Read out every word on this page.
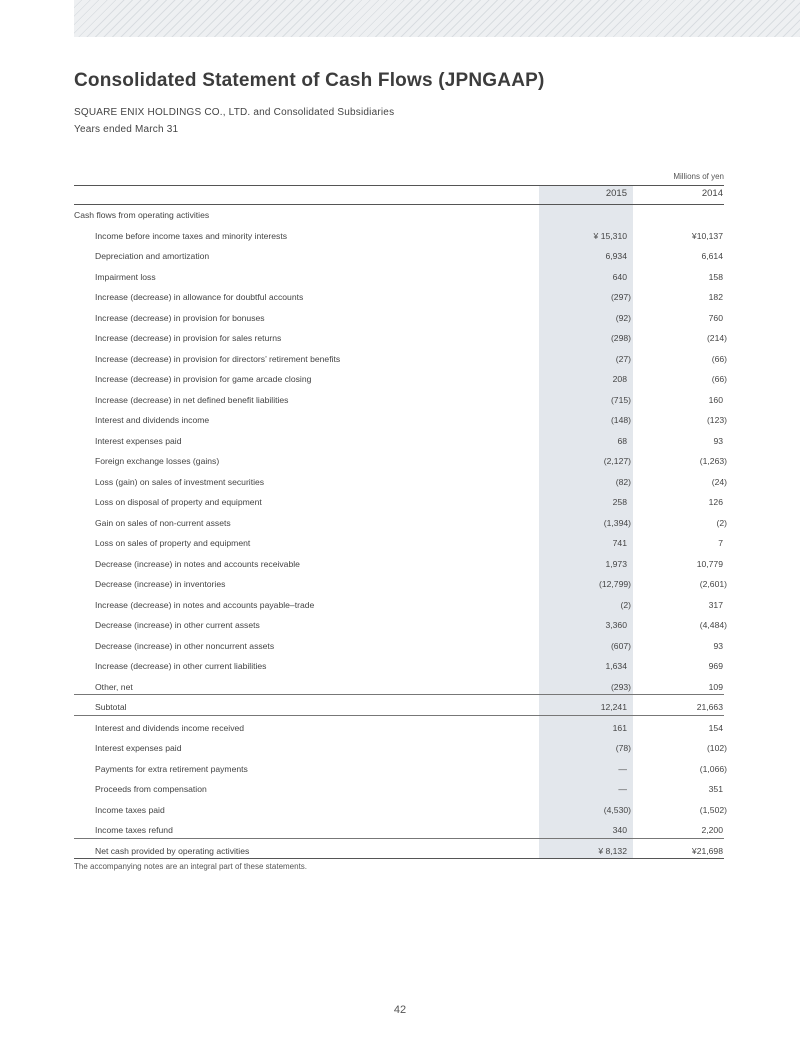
Consolidated Statement of Cash Flows (JPNGAAP)
SQUARE ENIX HOLDINGS CO., LTD. and Consolidated Subsidiaries
Years ended March 31
Millions of yen
2015	2014
Cash flows from operating activities
Income before income taxes and minority interests	¥ 15,310	¥10,137
Depreciation and amortization	6,934	6,614
Impairment loss	640	158
Increase (decrease) in allowance for doubtful accounts	(297)	182
Increase (decrease) in provision for bonuses	(92)	760
Increase (decrease) in provision for sales returns	(298)	(214)
Increase (decrease) in provision for directors’ retirement benefits	(27)	(66)
Increase (decrease) in provision for game arcade closing	208	(66)
Increase (decrease) in net defined benefit liabilities	(715)	160
Interest and dividends income	(148)	(123)
Interest expenses paid	68	93
Foreign exchange losses (gains)	(2,127)	(1,263)
Loss (gain) on sales of investment securities	(82)	(24)
Loss on disposal of property and equipment	258	126
Gain on sales of non-current assets	(1,394)	(2)
Loss on sales of property and equipment	741	7
Decrease (increase) in notes and accounts receivable	1,973	10,779
Decrease (increase) in inventories	(12,799)	(2,601)
Increase (decrease) in notes and accounts payable–trade	(2)	317
Decrease (increase) in other current assets	3,360	(4,484)
Decrease (increase) in other noncurrent assets	(607)	93
Increase (decrease) in other current liabilities	1,634	969
Other, net	(293)	109
Subtotal	12,241	21,663
Interest and dividends income received	161	154
Interest expenses paid	(78)	(102)
Payments for extra retirement payments	—	(1,066)
Proceeds from compensation	—	351
Income taxes paid	(4,530)	(1,502)
Income taxes refund	340	2,200
Net cash provided by operating activities	¥ 8,132	¥21,698
The accompanying notes are an integral part of these statements.
42
